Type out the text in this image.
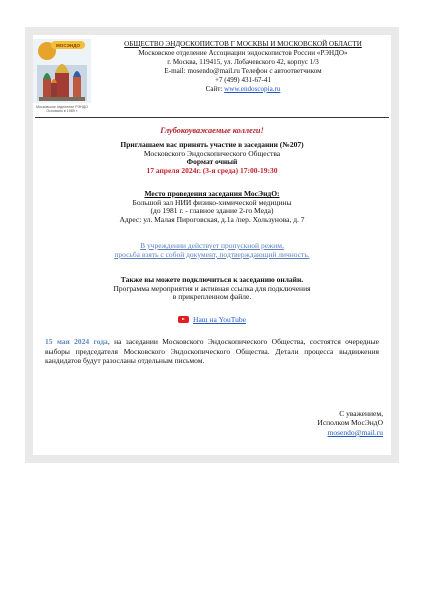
МОСЭНДО
Московское отделение РЭНДО
Основано в 1989 г.
ОБЩЕСТВО ЭНДОСКОПИСТОВ Г МОСКВЫ И МОСКОВСКОЙ ОБЛАСТИ
Московское отделение Ассоциации эндоскопистов России «РЭНДО»
г. Москва, 119415, ул. Лобачевского 42, корпус 1/3
E-mail: mosendo@mail.ru Телефон с автоответчиком
+7 (499) 431-67-41
Сайт: www.endoscopia.ru
Глубокоуважаемые коллеги!
Приглашаем вас принять участие в заседании (№207)
Московского Эндоскопического Общества
Формат очный
17 апреля 2024г. (3-я среда) 17:00-19:30
Место проведения заседания МосЭндО:
Большой зал НИИ физико-химической медицины
(до 1981 г. - главное здание 2-го Меда)
Адрес: ул. Малая Пироговская, д.1а /пер. Хользунова, д. 7
В учреждении действует пропускной режим,
просьба взять с собой документ, подтверждающий личность.
Также вы можете подключиться к заседанию онлайн.
Программа мероприятия и активная ссылка для подключения
в прикрепленном файле.
Наш на YouTube
15 мая 2024 года, на заседании Московского Эндоскопического Общества, состоятся очередные выборы председателя Московского Эндоскопического Общества. Детали процесса выдвижения кандидатов будут разосланы отдельным письмом.
С уважением,
Исполком МосЭндО
mosendo@mail.ru
